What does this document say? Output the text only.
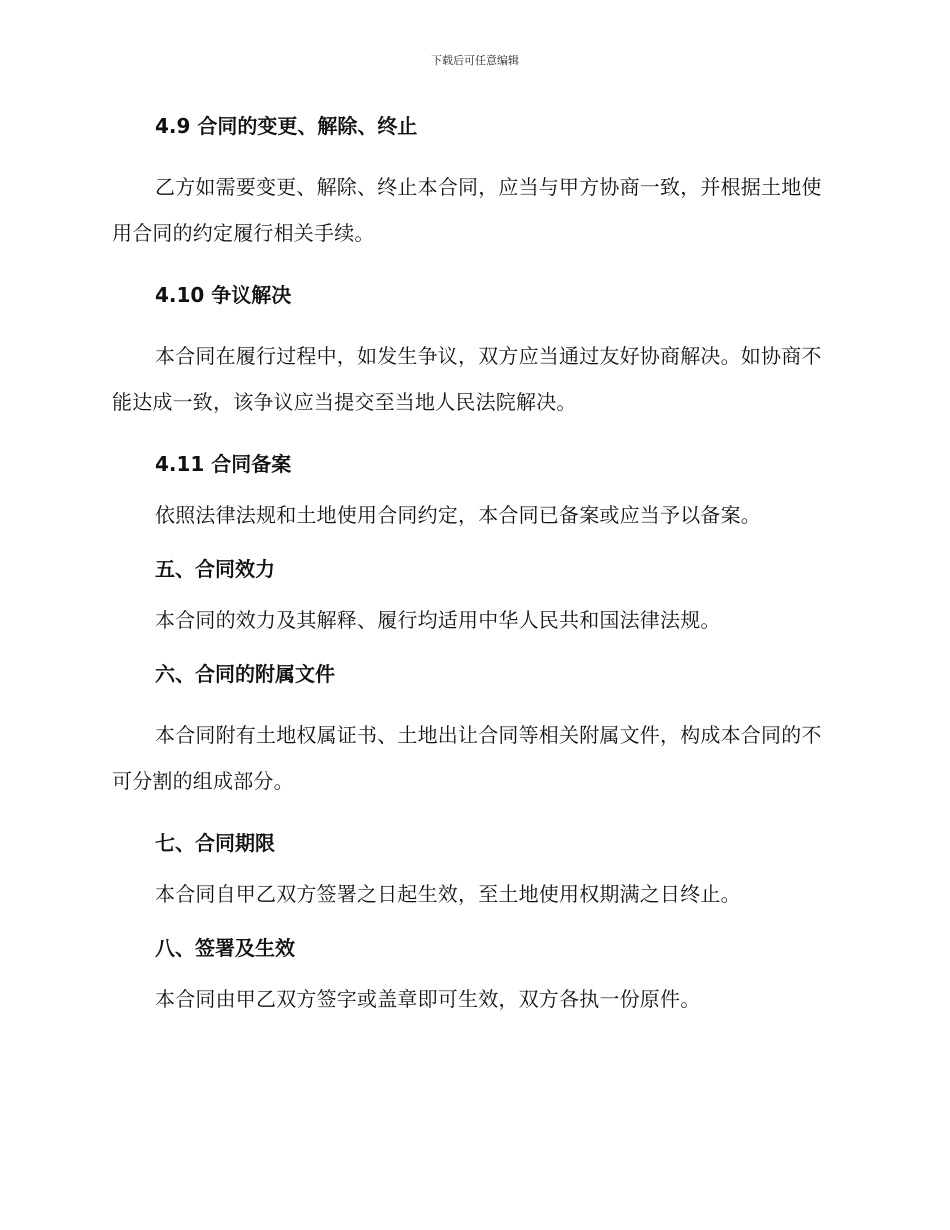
下载后可任意编辑
4.9 合同的变更、解除、终止
乙方如需要变更、解除、终止本合同，应当与甲方协商一致，并根据土地使用合同的约定履行相关手续。
4.10 争议解决
本合同在履行过程中，如发生争议，双方应当通过友好协商解决。如协商不能达成一致，该争议应当提交至当地人民法院解决。
4.11 合同备案
依照法律法规和土地使用合同约定，本合同已备案或应当予以备案。
五、合同效力
本合同的效力及其解释、履行均适用中华人民共和国法律法规。
六、合同的附属文件
本合同附有土地权属证书、土地出让合同等相关附属文件，构成本合同的不可分割的组成部分。
七、合同期限
本合同自甲乙双方签署之日起生效，至土地使用权期满之日终止。
八、签署及生效
本合同由甲乙双方签字或盖章即可生效，双方各执一份原件。
